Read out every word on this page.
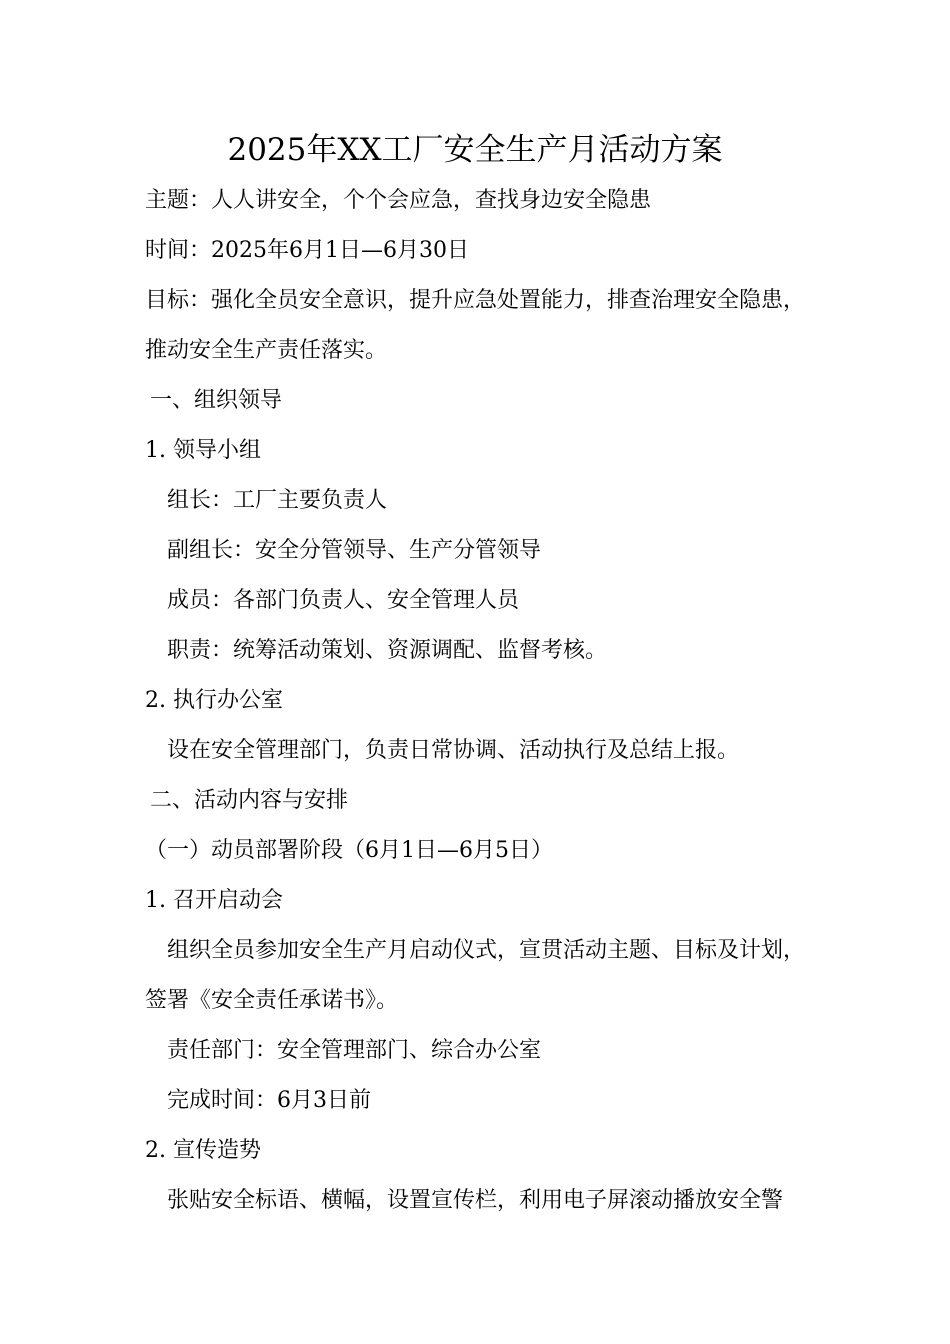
2025年XX工厂安全生产月活动方案
主题：人人讲安全，个个会应急，查找身边安全隐患
时间：2025年6月1日—6月30日
目标：强化全员安全意识，提升应急处置能力，排查治理安全隐患，
推动安全生产责任落实。
一、组织领导
1. 领导小组
组长：工厂主要负责人
副组长：安全分管领导、生产分管领导
成员：各部门负责人、安全管理人员
职责：统筹活动策划、资源调配、监督考核。
2. 执行办公室
设在安全管理部门，负责日常协调、活动执行及总结上报。
二、活动内容与安排
（一）动员部署阶段（6月1日—6月5日）
1. 召开启动会
组织全员参加安全生产月启动仪式，宣贯活动主题、目标及计划，
签署《安全责任承诺书》。
责任部门：安全管理部门、综合办公室
完成时间：6月3日前
2. 宣传造势
张贴安全标语、横幅，设置宣传栏，利用电子屏滚动播放安全警
